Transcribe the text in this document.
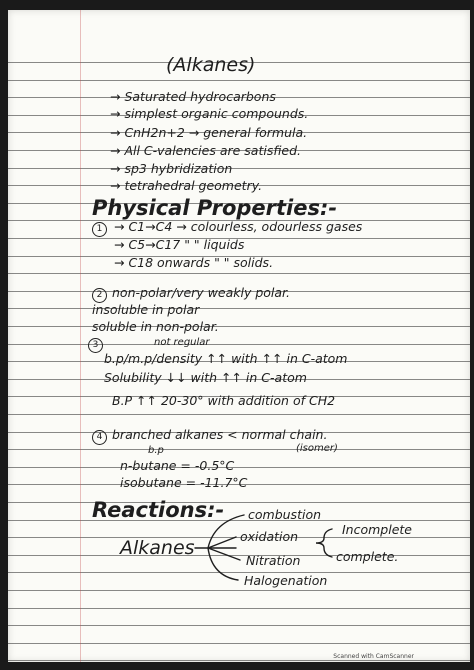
(Alkanes)
→ Saturated hydrocarbons
→ simplest organic compounds.
→ CnH2n+2 → general formula.
→ All C-valencies are satisfied.
→ sp3 hybridization
→ tetrahedral geometry.
Physical Properties:-
1 → C1→C4 → colourless, odourless gases
→ C5→C17 " " liquids
→ C18 onwards " " solids.
2 non-polar/very weakly polar.
insoluble in polar
soluble in non-polar.
3	not regular
b.p/m.p/density ↑↑ with ↑↑ in C-atom
Solubility ↓↓ with ↑↑ in C-atom
B.P ↑↑ 20-30° with addition of CH2
4 branched alkanes < normal chain.
b.p	(isomer)
n-butane = -0.5°C
isobutane = -11.7°C
Reactions:-
Alkanes
combustion
oxidation
Nitration
Halogenation
Incomplete
complete.
Scanned with CamScanner
